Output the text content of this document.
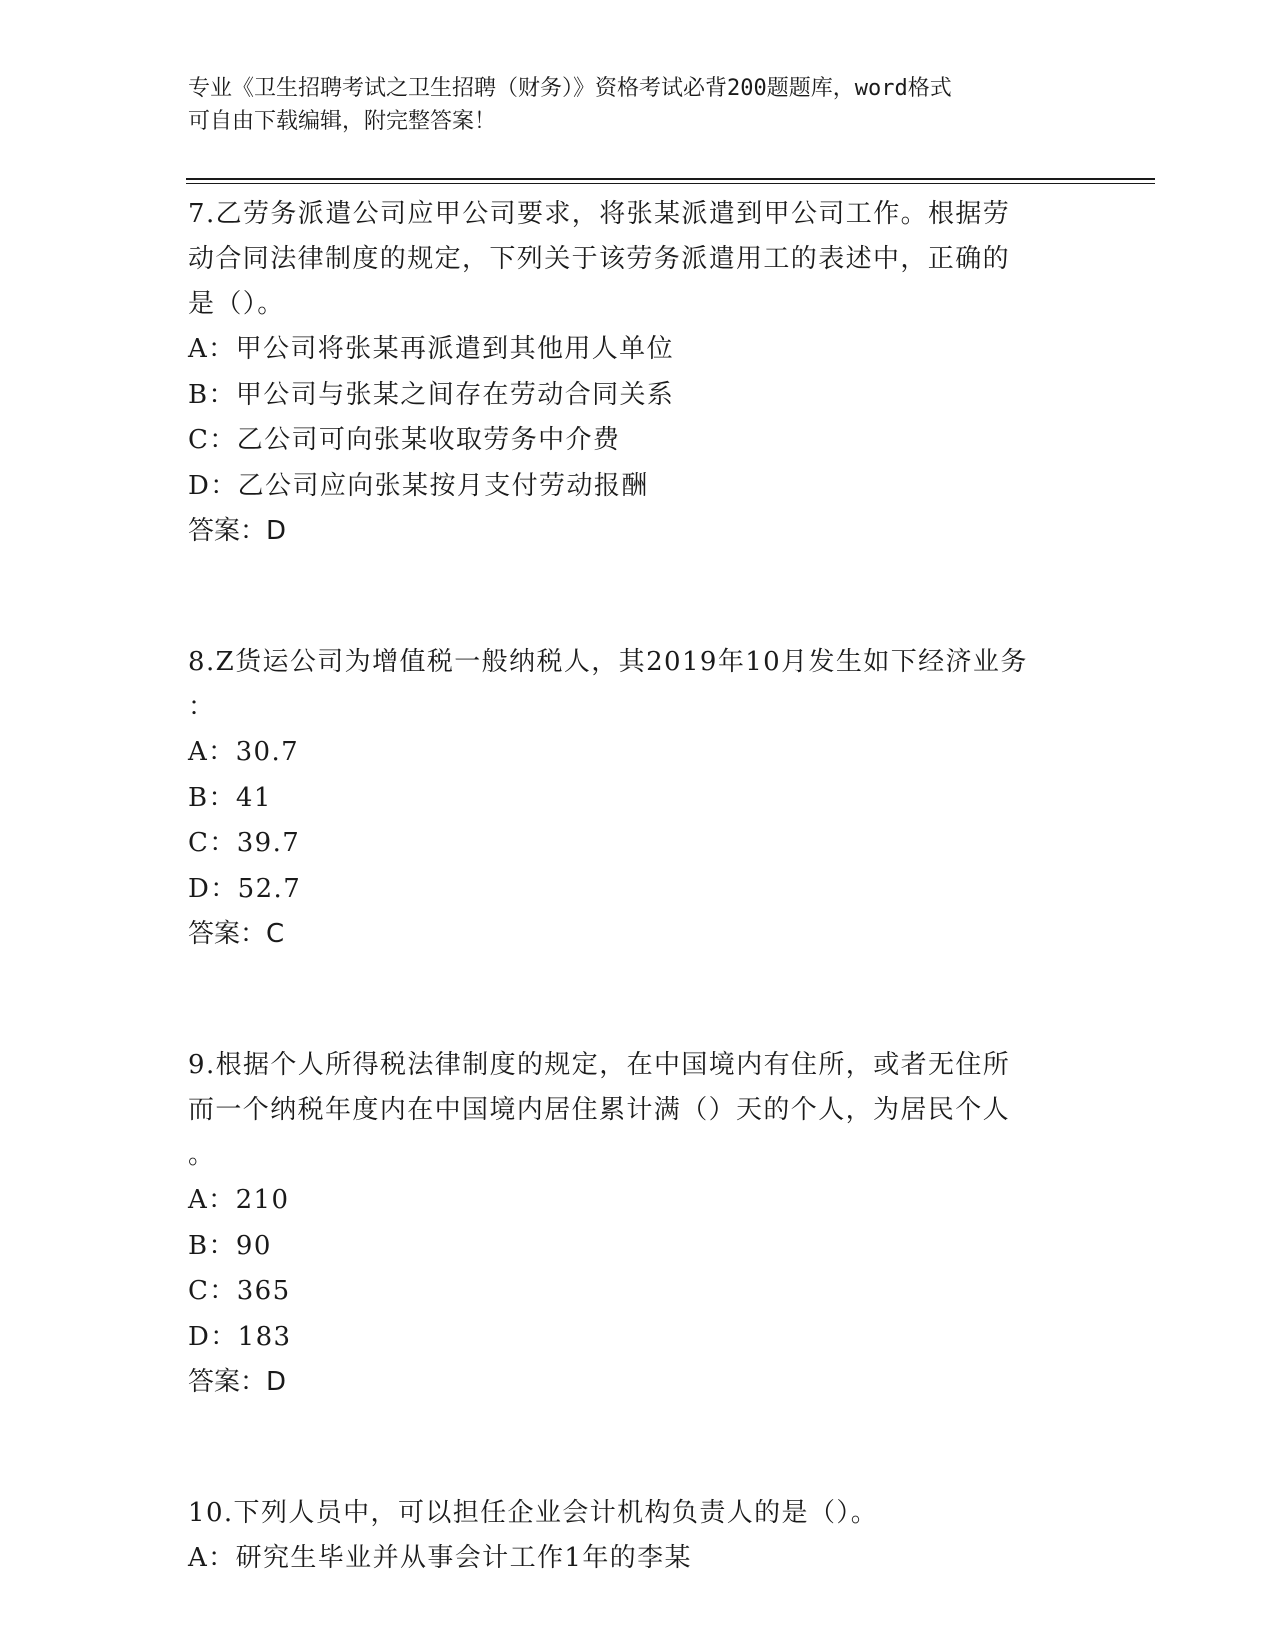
专业《卫生招聘考试之卫生招聘（财务）》资格考试必背200题题库，word格式
可自由下载编辑，附完整答案！
7.乙劳务派遣公司应甲公司要求，将张某派遣到甲公司工作。根据劳
动合同法律制度的规定，下列关于该劳务派遣用工的表述中，正确的
是（）。
A：甲公司将张某再派遣到其他用人单位
B：甲公司与张某之间存在劳动合同关系
C：乙公司可向张某收取劳务中介费
D：乙公司应向张某按月支付劳动报酬
答案：D
8.Z货运公司为增值税一般纳税人，其2019年10月发生如下经济业务
：
A：30.7
B：41
C：39.7
D：52.7
答案：C
9.根据个人所得税法律制度的规定，在中国境内有住所，或者无住所
而一个纳税年度内在中国境内居住累计满（）天的个人，为居民个人
。
A：210
B：90
C：365
D：183
答案：D
10.下列人员中，可以担任企业会计机构负责人的是（）。
A：研究生毕业并从事会计工作1年的李某
